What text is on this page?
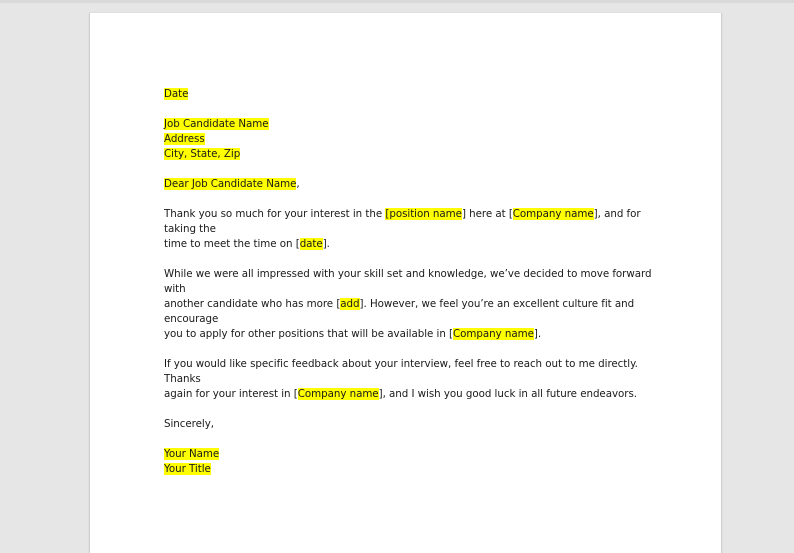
Date

Job Candidate Name

Address

City, State, Zip

Dear Job Candidate Name,

Thank you so much for your interest in the [position name] here at [Company name], and for taking the
time to meet the time on [date].

While we were all impressed with your skill set and knowledge, we’ve decided to move forward with
another candidate who has more [add]. However, we feel you’re an excellent culture fit and encourage
you to apply for other positions that will be available in [Company name].

If you would like specific feedback about your interview, feel free to reach out to me directly. Thanks
again for your interest in [Company name], and I wish you good luck in all future endeavors.

Sincerely,

Your Name

Your Title
